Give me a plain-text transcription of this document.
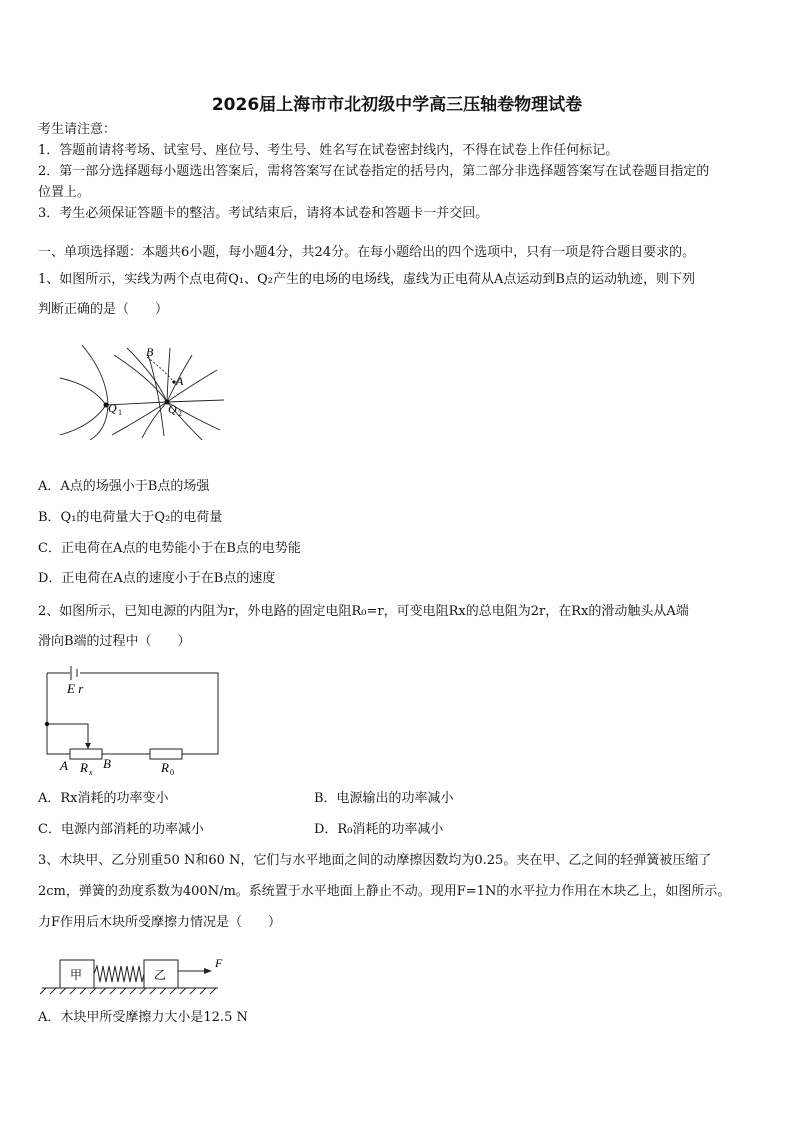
2026届上海市市北初级中学高三压轴卷物理试卷
考生请注意：
1．答题前请将考场、试室号、座位号、考生号、姓名写在试卷密封线内，不得在试卷上作任何标记。
2．第一部分选择题每小题选出答案后，需将答案写在试卷指定的括号内，第二部分非选择题答案写在试卷题目指定的
位置上。
3．考生必须保证答题卡的整洁。考试结束后，请将本试卷和答题卡一并交回。
一、单项选择题：本题共6小题，每小题4分，共24分。在每小题给出的四个选项中，只有一项是符合题目要求的。
1、如图所示，实线为两个点电荷Q₁、Q₂产生的电场的电场线，虚线为正电荷从A点运动到B点的运动轨迹，则下列
判断正确的是（　　）
B
A
Q 1	Q 2
A．A点的场强小于B点的场强
B．Q₁的电荷量大于Q₂的电荷量
C．正电荷在A点的电势能小于在B点的电势能
D．正电荷在A点的速度小于在B点的速度
2、如图所示，已知电源的内阻为r，外电路的固定电阻R₀=r，可变电阻Rx的总电阻为2r，在Rx的滑动触头从A端
滑向B端的过程中（　　）
E r
A R x
B	R 0
A．Rx消耗的功率变小	B．电源输出的功率减小
C．电源内部消耗的功率减小	D．R₀消耗的功率减小
3、木块甲、乙分别重50 N和60 N，它们与水平地面之间的动摩擦因数均为0.25。夹在甲、乙之间的轻弹簧被压缩了
2cm，弹簧的劲度系数为400N/m。系统置于水平地面上静止不动。现用F=1N的水平拉力作用在木块乙上，如图所示。
力F作用后木块所受摩擦力情况是（　　）
甲	乙
F
A．木块甲所受摩擦力大小是12.5 N
